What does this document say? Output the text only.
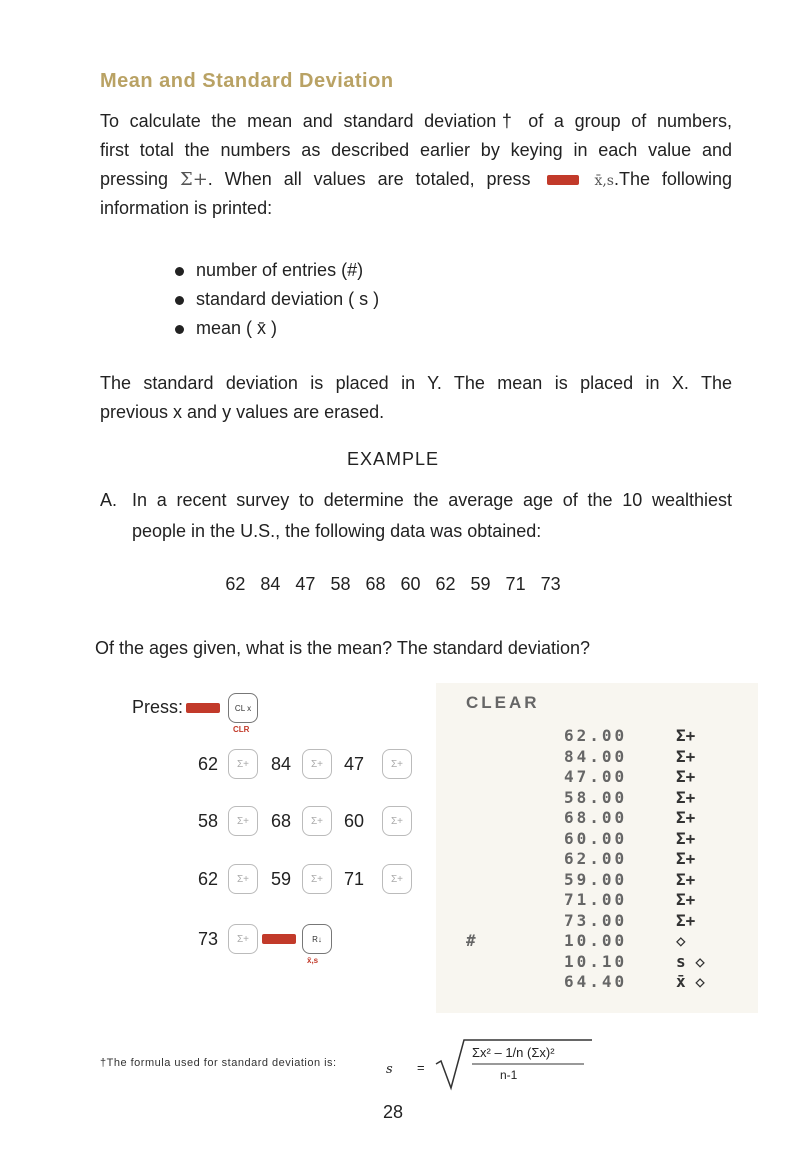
Mean and Standard Deviation
To calculate the mean and standard deviation† of a group of numbers,
first total the numbers as described earlier by keying in each value and
pressing Σ+. When all values are totaled, press	x̄,s.The following
information is printed:
number of entries (#)
standard deviation ( s )
mean ( x̄ )
The standard deviation is placed in Y. The mean is placed in X. The
previous x and y values are erased.
EXAMPLE
A. In a recent survey to determine the average age of the 10 wealthiest
people in the U.S., the following data was obtained:
62 84 47 58 68 60 62 59 71 73
Of the ages given, what is the mean? The standard deviation?
Press:	CL x
CLR
62	Σ+	84	Σ+	47	Σ+
58	Σ+	68	Σ+	60	Σ+
62	Σ+	59	Σ+	71	Σ+
73	Σ+	R↓
x̄,s
CLEAR
62.00	Σ+
84.00	Σ+
47.00	Σ+
58.00	Σ+
68.00	Σ+
60.00	Σ+
62.00	Σ+
59.00	Σ+
71.00	Σ+
73.00	Σ+
#	10.00	◇
10.10	s ◇
64.40	x̄ ◇
†The formula used for standard deviation is:	s =
Σx² – 1/n (Σx)²
n-1
28
